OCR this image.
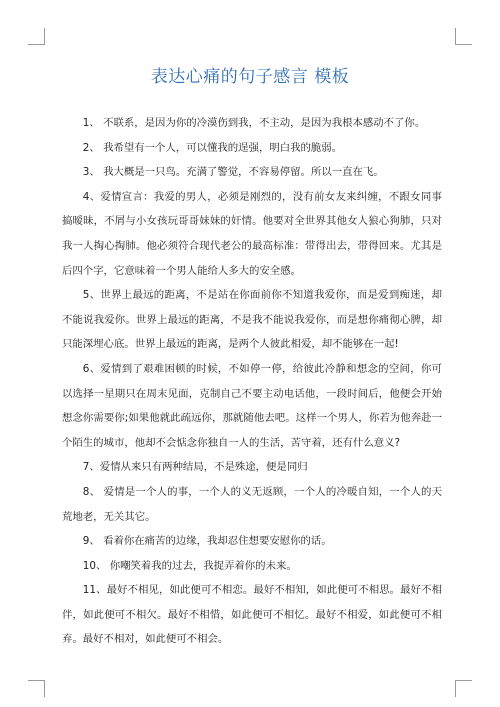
表达心痛的句子感言 模板

1、 不联系，是因为你的冷漠伤到我，不主动，是因为我根本感动不了你。

2、 我希望有一个人，可以懂我的逞强，明白我的脆弱。

3、 我大概是一只鸟。充满了警觉，不容易停留。所以一直在飞。

4、爱情宣言：我爱的男人，必须是刚烈的，没有前女友来纠缠，不跟女同事搞暧昧，不屑与小女孩玩哥哥妹妹的奸情。他要对全世界其他女人狼心狗肺，只对我一人掏心掏肺。他必须符合现代老公的最高标准：带得出去，带得回来。尤其是后四个字，它意味着一个男人能给人多大的安全感。

5、世界上最远的距离，不是站在你面前你不知道我爱你，而是爱到痴迷，却不能说我爱你。世界上最远的距离，不是我不能说我爱你，而是想你痛彻心脾，却只能深埋心底。世界上最远的距离，是两个人彼此相爱，却不能够在一起!

6、爱情到了艰难困顿的时候，不如停一停，给彼此冷静和想念的空间，你可以选择一星期只在周末见面，克制自己不要主动电话他，一段时间后，他便会开始想念你需要你;如果他就此疏远你，那就随他去吧。这样一个男人，你若为他奔赴一个陌生的城市，他却不会惦念你独自一人的生活，苦守着，还有什么意义?

7、爱情从来只有两种结局，不是殊途，便是同归

8、 爱情是一个人的事，一个人的义无返顾，一个人的冷暖自知，一个人的天荒地老，无关其它。

9、 看着你在痛苦的边缘，我却忍住想要安慰你的话。

10、 你嘲笑着我的过去，我捉弄着你的未来。

11、最好不相见，如此便可不相恋。最好不相知，如此便可不相思。最好不相伴，如此便可不相欠。最好不相惜，如此便可不相忆。最好不相爱，如此便可不相弃。最好不相对，如此便可不相会。
